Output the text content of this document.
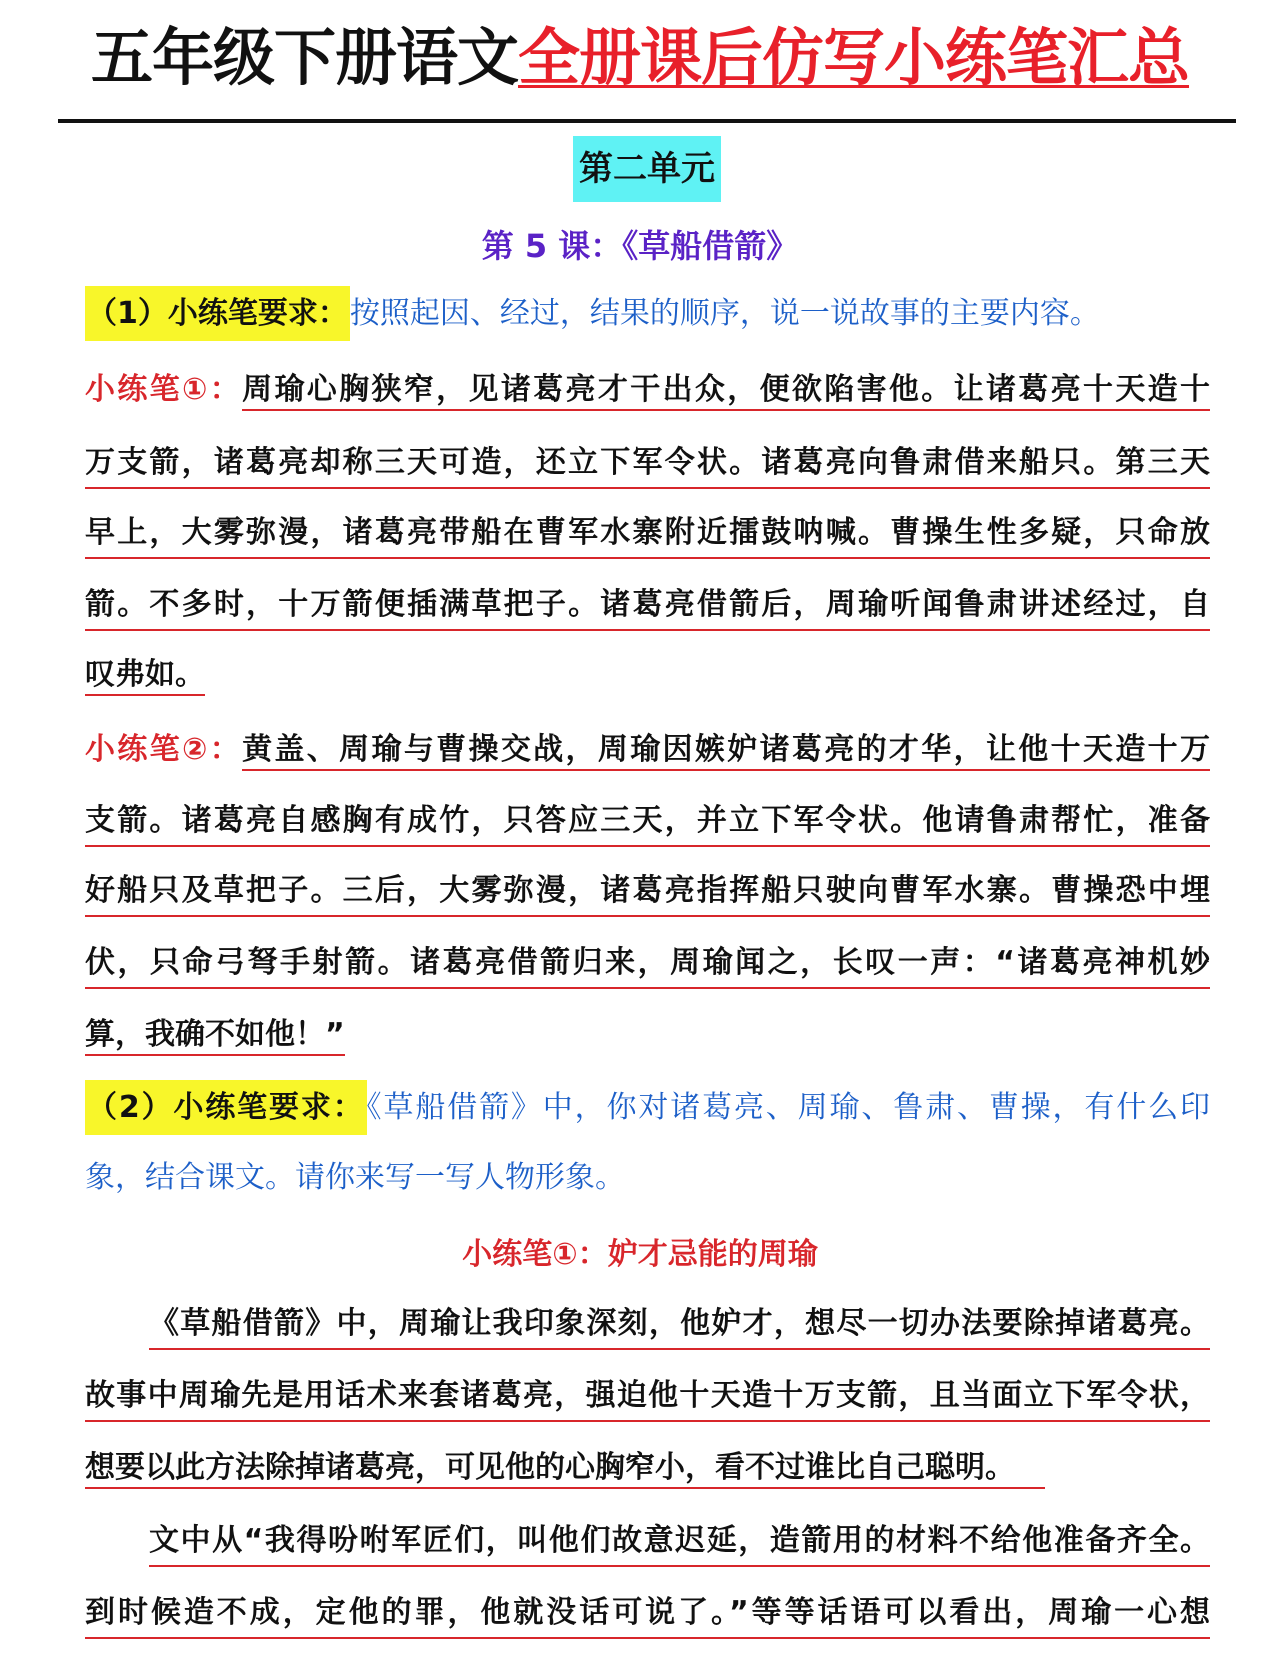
五年级下册语文全册课后仿写小练笔汇总
第二单元
第 5 课：《草船借箭》
（1）小练笔要求：按照起因、经过，结果的顺序，说一说故事的主要内容。
小练笔①：周瑜心胸狭窄，见诸葛亮才干出众，便欲陷害他。让诸葛亮十天造十
万支箭，诸葛亮却称三天可造，还立下军令状。诸葛亮向鲁肃借来船只。第三天
早上，大雾弥漫，诸葛亮带船在曹军水寨附近擂鼓呐喊。曹操生性多疑，只命放
箭。不多时，十万箭便插满草把子。诸葛亮借箭后，周瑜听闻鲁肃讲述经过，自
叹弗如。
小练笔②：黄盖、周瑜与曹操交战，周瑜因嫉妒诸葛亮的才华，让他十天造十万
支箭。诸葛亮自感胸有成竹，只答应三天，并立下军令状。他请鲁肃帮忙，准备
好船只及草把子。三后，大雾弥漫，诸葛亮指挥船只驶向曹军水寨。曹操恐中埋
伏，只命弓弩手射箭。诸葛亮借箭归来，周瑜闻之，长叹一声：“诸葛亮神机妙
算，我确不如他！”
（2）小练笔要求：《草船借箭》中，你对诸葛亮、周瑜、鲁肃、曹操，有什么印
象，结合课文。请你来写一写人物形象。
小练笔①：妒才忌能的周瑜
《草船借箭》中，周瑜让我印象深刻，他妒才，想尽一切办法要除掉诸葛亮。
故事中周瑜先是用话术来套诸葛亮，强迫他十天造十万支箭，且当面立下军令状，
想要以此方法除掉诸葛亮，可见他的心胸窄小，看不过谁比自己聪明。
文中从“我得吩咐军匠们，叫他们故意迟延，造箭用的材料不给他准备齐全。
到时候造不成，定他的罪，他就没话可说了。”等等话语可以看出，周瑜一心想
